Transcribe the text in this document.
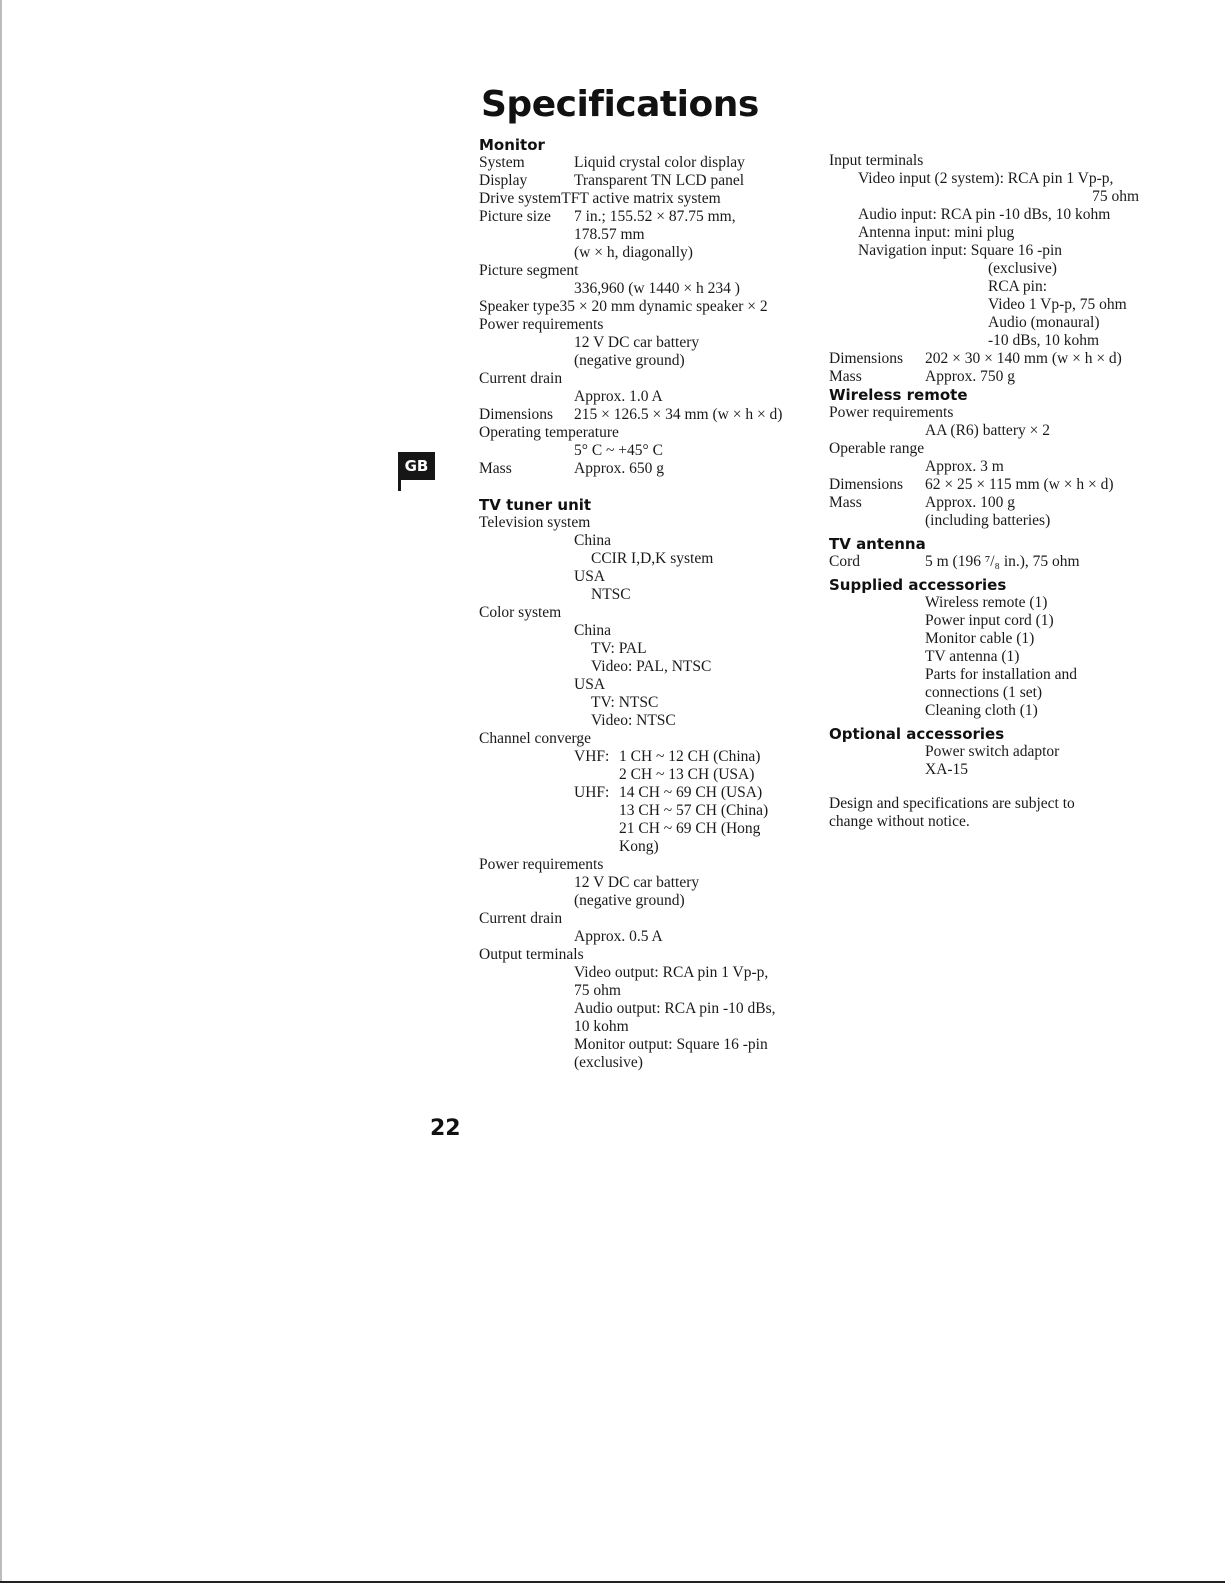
Specifications
GB
22
Monitor
System	Liquid crystal color display
Display	Transparent TN LCD panel
Drive system TFT active matrix system
Picture size	7 in.; 155.52 × 87.75 mm,
178.57 mm
(w × h, diagonally)
Picture segment
336,960 (w 1440 × h 234 )
Speaker type 35 × 20 mm dynamic speaker × 2
Power requirements
12 V DC car battery
(negative ground)
Current drain
Approx. 1.0 A
Dimensions	215 × 126.5 × 34 mm (w × h × d)
Operating temperature
5° C ~ +45° C
Mass	Approx. 650 g
TV tuner unit
Television system
China
CCIR I,D,K system
USA
NTSC
Color system
China
TV: PAL
Video: PAL, NTSC
USA
TV: NTSC
Video: NTSC
Channel converge
VHF: 1 CH ~ 12 CH (China)
2 CH ~ 13 CH (USA)
UHF: 14 CH ~ 69 CH (USA)
13 CH ~ 57 CH (China)
21 CH ~ 69 CH (Hong
Kong)
Power requirements
12 V DC car battery
(negative ground)
Current drain
Approx. 0.5 A
Output terminals
Video output: RCA pin 1 Vp-p,
75 ohm
Audio output: RCA pin -10 dBs,
10 kohm
Monitor output: Square 16 -pin
(exclusive)
Input terminals
Video input (2 system): RCA pin 1 Vp-p,
75 ohm
Audio input: RCA pin -10 dBs, 10 kohm
Antenna input: mini plug
Navigation input: Square 16 -pin
(exclusive)
RCA pin:
Video 1 Vp-p, 75 ohm
Audio (monaural)
-10 dBs, 10 kohm
Dimensions	202 × 30 × 140 mm (w × h × d)
Mass	Approx. 750 g
Wireless remote
Power requirements
AA (R6) battery × 2
Operable range
Approx. 3 m
Dimensions	62 × 25 × 115 mm (w × h × d)
Mass	Approx. 100 g
(including batteries)
TV antenna
Cord	5 m (196 ⁷/₈ in.), 75 ohm
Supplied accessories
Wireless remote (1)
Power input cord (1)
Monitor cable (1)
TV antenna (1)
Parts for installation and
connections (1 set)
Cleaning cloth (1)
Optional accessories
Power switch adaptor
XA-15
Design and specifications are subject to change without notice.
